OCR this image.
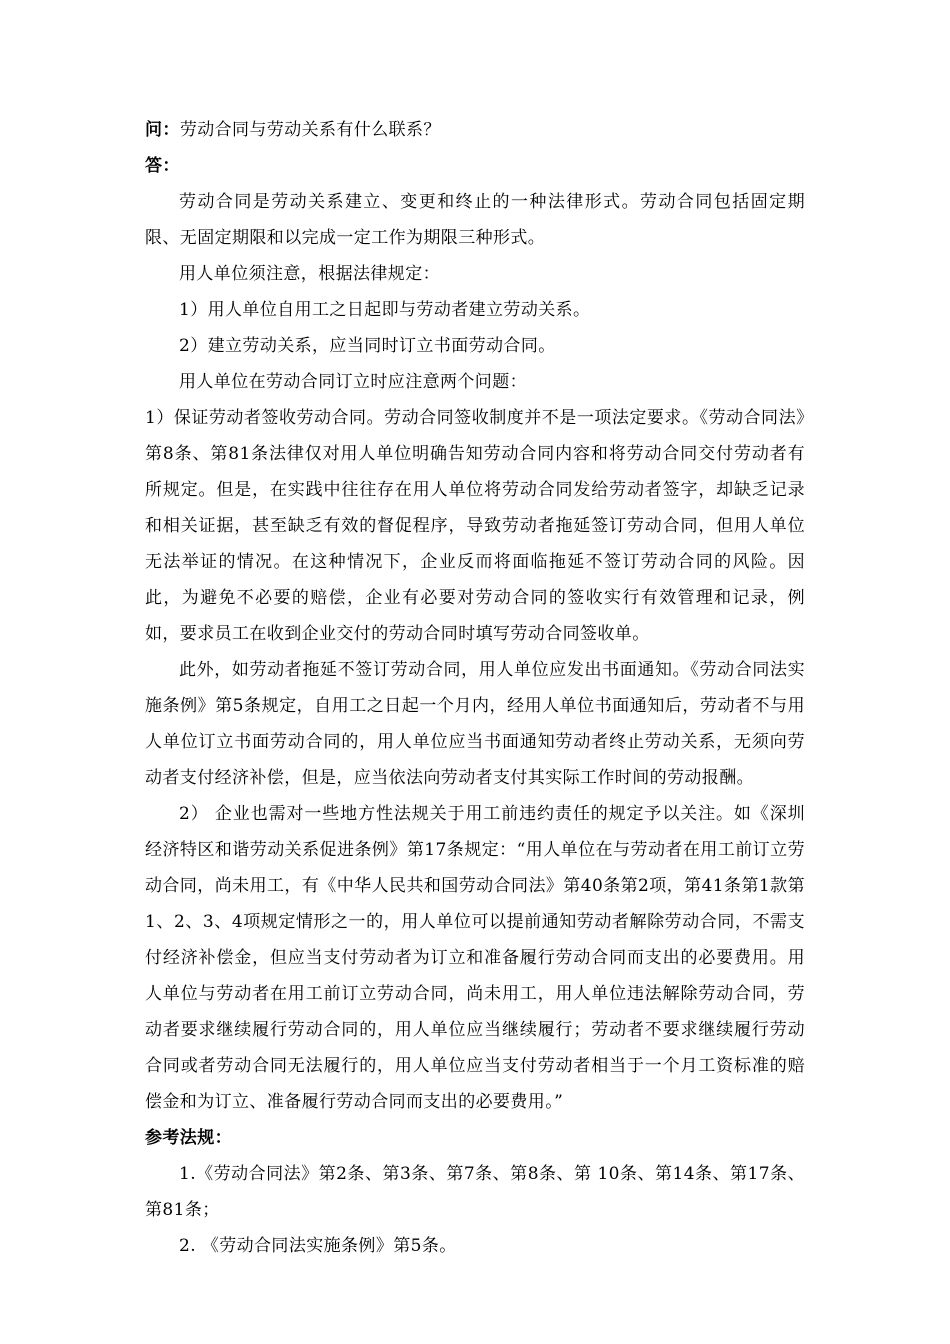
问：劳动合同与劳动关系有什么联系？

答：

劳动合同是劳动关系建立、变更和终止的一种法律形式。劳动合同包括固定期限、无固定期限和以完成一定工作为期限三种形式。

用人单位须注意，根据法律规定：

1）用人单位自用工之日起即与劳动者建立劳动关系。

2）建立劳动关系，应当同时订立书面劳动合同。

用人单位在劳动合同订立时应注意两个问题：

1）保证劳动者签收劳动合同。劳动合同签收制度并不是一项法定要求。《劳动合同法》第8条、第81条法律仅对用人单位明确告知劳动合同内容和将劳动合同交付劳动者有所规定。但是，在实践中往往存在用人单位将劳动合同发给劳动者签字，却缺乏记录和相关证据，甚至缺乏有效的督促程序，导致劳动者拖延签订劳动合同，但用人单位无法举证的情况。在这种情况下，企业反而将面临拖延不签订劳动合同的风险。因此，为避免不必要的赔偿，企业有必要对劳动合同的签收实行有效管理和记录，例如，要求员工在收到企业交付的劳动合同时填写劳动合同签收单。

此外，如劳动者拖延不签订劳动合同，用人单位应发出书面通知。《劳动合同法实施条例》第5条规定，自用工之日起一个月内，经用人单位书面通知后，劳动者不与用人单位订立书面劳动合同的，用人单位应当书面通知劳动者终止劳动关系，无须向劳动者支付经济补偿，但是，应当依法向劳动者支付其实际工作时间的劳动报酬。

2） 企业也需对一些地方性法规关于用工前违约责任的规定予以关注。如《深圳经济特区和谐劳动关系促进条例》第17条规定：“用人单位在与劳动者在用工前订立劳动合同，尚未用工，有《中华人民共和国劳动合同法》第40条第2项，第41条第1款第1、2、3、4项规定情形之一的，用人单位可以提前通知劳动者解除劳动合同，不需支付经济补偿金，但应当支付劳动者为订立和准备履行劳动合同而支出的必要费用。用人单位与劳动者在用工前订立劳动合同，尚未用工，用人单位违法解除劳动合同，劳动者要求继续履行劳动合同的，用人单位应当继续履行；劳动者不要求继续履行劳动合同或者劳动合同无法履行的，用人单位应当支付劳动者相当于一个月工资标准的赔偿金和为订立、准备履行劳动合同而支出的必要费用。”

参考法规：

1.《劳动合同法》第2条、第3条、第7条、第8条、第 10条、第14条、第17条、第81条；

2. 《劳动合同法实施条例》第5条。
